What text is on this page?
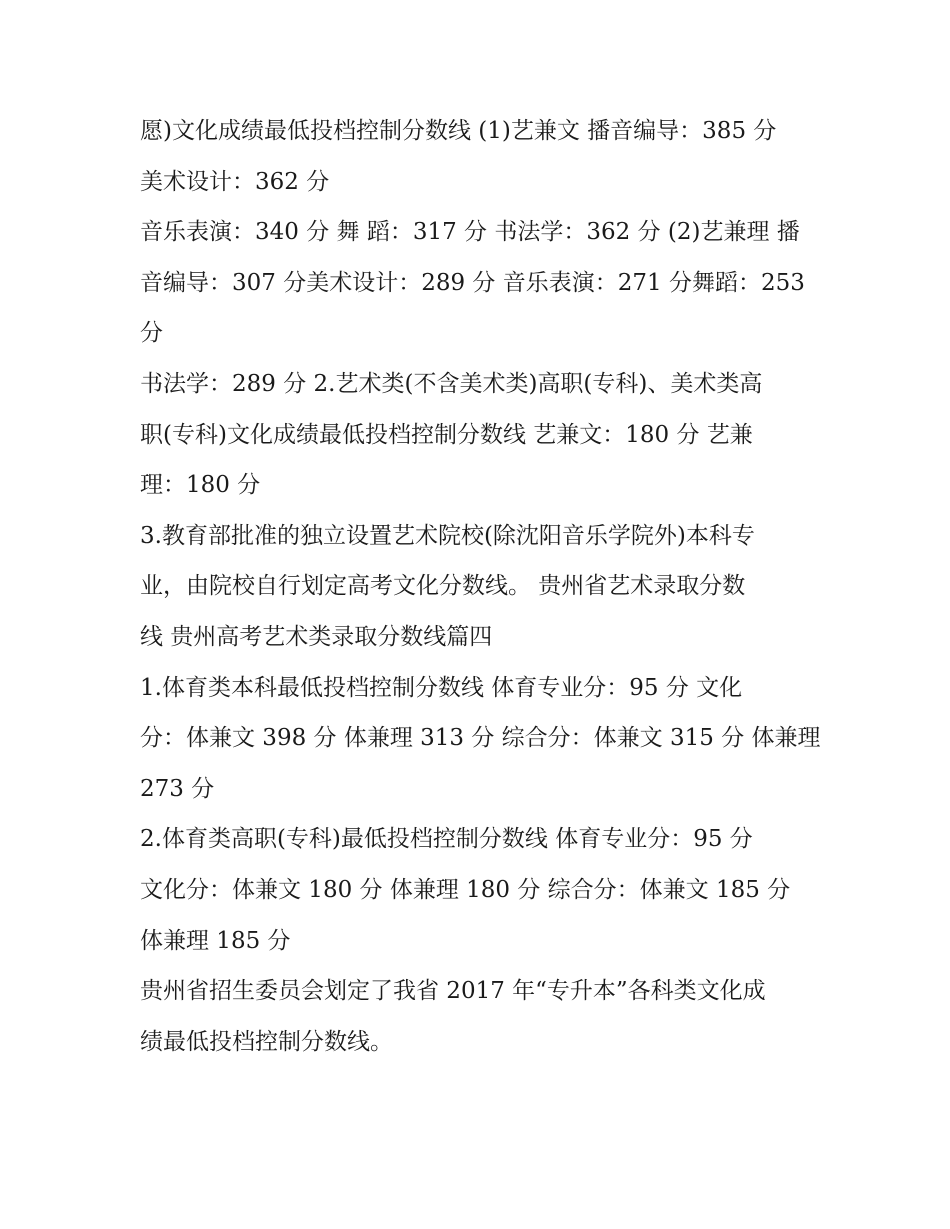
愿)文化成绩最低投档控制分数线 (1)艺兼文 播音编导：385 分

美术设计：362 分

音乐表演：340 分 舞 蹈：317 分 书法学：362 分 (2)艺兼理 播

音编导：307 分美术设计：289 分 音乐表演：271 分舞蹈：253

分

书法学：289 分 2.艺术类(不含美术类)高职(专科)、美术类高

职(专科)文化成绩最低投档控制分数线 艺兼文：180 分 艺兼

理：180 分

3.教育部批准的独立设置艺术院校(除沈阳音乐学院外)本科专

业，由院校自行划定高考文化分数线。 贵州省艺术录取分数

线 贵州高考艺术类录取分数线篇四

1.体育类本科最低投档控制分数线 体育专业分：95 分 文化

分：体兼文 398 分 体兼理 313 分 综合分：体兼文 315 分 体兼理

273 分

2.体育类高职(专科)最低投档控制分数线 体育专业分：95 分

文化分：体兼文 180 分 体兼理 180 分 综合分：体兼文 185 分

体兼理 185 分

贵州省招生委员会划定了我省 2017 年“专升本”各科类文化成

绩最低投档控制分数线。
